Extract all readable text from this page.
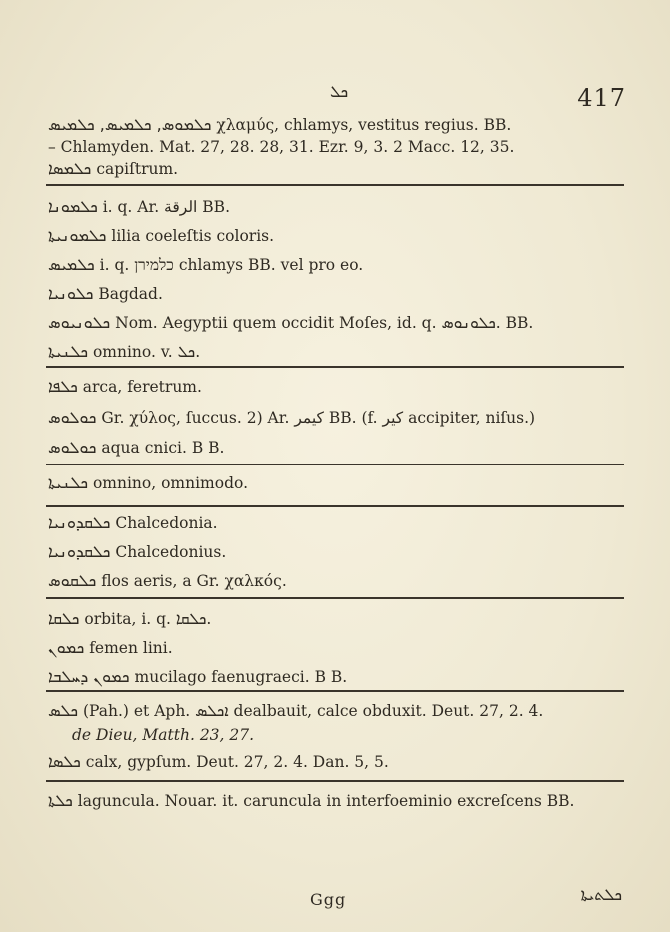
ܟܠ	417
ܟܠܡܘܣ, ܟܠܡܝܣ, ܟܠܡܝܣ χλαμύς, chlamys, vestitus regius. BB.
– Chlamyden. Mat. 27, 28. 28, 31. Ezr. 9, 3. 2 Macc. 12, 35.
ܟܠܡܣܐ capiſtrum.
ܟܠܡܘܢܐ i. q. Ar. الرقة BB.
ܟܠܡܘܢܝܬܐ lilia coeleſtis coloris.
ܟܠܡܝܣ i. q. כלמירן chlamys BB. vel pro eo.
ܟܠܘܢܝܐ Bagdad.
ܟܠܘܢܝܘܣ Nom. Aegyptii quem occidit Moſes, id. q. ܟܠܘܢܘܣ. BB.
ܟܠܢܝܬܐ omnino. v. ܟܠ.
ܟܠܦܐ arca, feretrum.
ܟܘܠܘܣ Gr. χύλος, ſuccus. 2) Ar. كيمر BB. (f. كير accipiter, niſus.)
ܟܘܠܘܣ aqua cnici. B B.
ܟܠܢܝܬܐ omnino, omnimodo.
ܟܠܩܕܘܢܝܐ Chalcedonia.
ܟܠܩܕܘܢܝܐ Chalcedonius.
ܟܠܩܘܣ flos aeris, a Gr. χαλκός.
ܟܠܩܐ orbita, i. q. ܟܠܩܐ.
ܟܡܘܢ femen lini.
ܟܡܘܢ ܕܚܠܒܐ mucilago faenugraeci. B B.
ܟܠܣ (Pah.) et Aph. ܐܟܠܣ dealbauit, calce obduxit. Deut. 27, 2. 4.
de Dieu, Matth. 23, 27.
ܟܠܣܐ calx, gypſum. Deut. 27, 2. 4. Dan. 5, 5.
ܟܠܬܐ laguncula. Nouar. it. caruncula in interfoeminio excreſcens BB.
Ggg	ܟܠܬܝܬܐ
